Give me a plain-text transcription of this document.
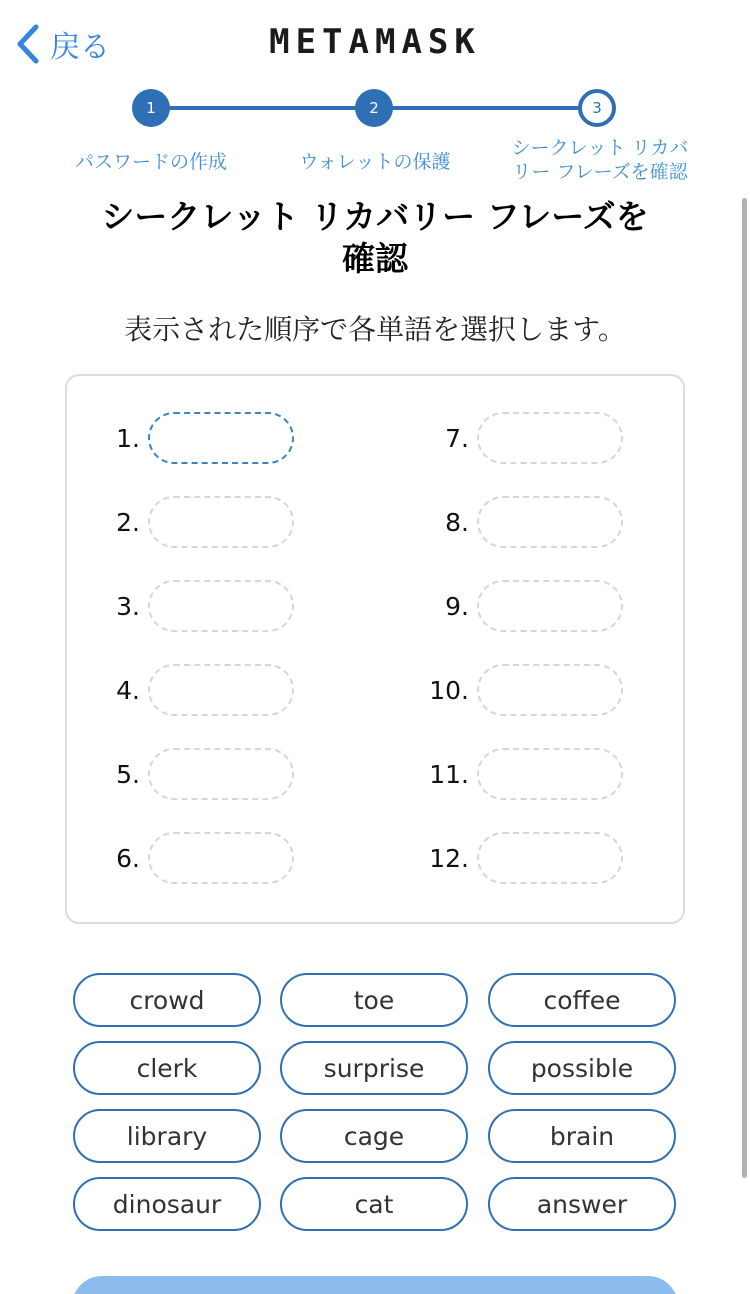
戻る	METAMASK
1	2	3
パスワードの作成	ウォレットの保護
シークレット リカバ
リー フレーズを確認
シークレット リカバリー フレーズを
確認
表示された順序で各単語を選択します。
1.
2.
3.
4.
5.
6.
7.
8.
9.
10.
11.
12.
crowd	toe	coffee
clerk	surprise	possible
library	cage	brain
dinosaur	cat	answer
